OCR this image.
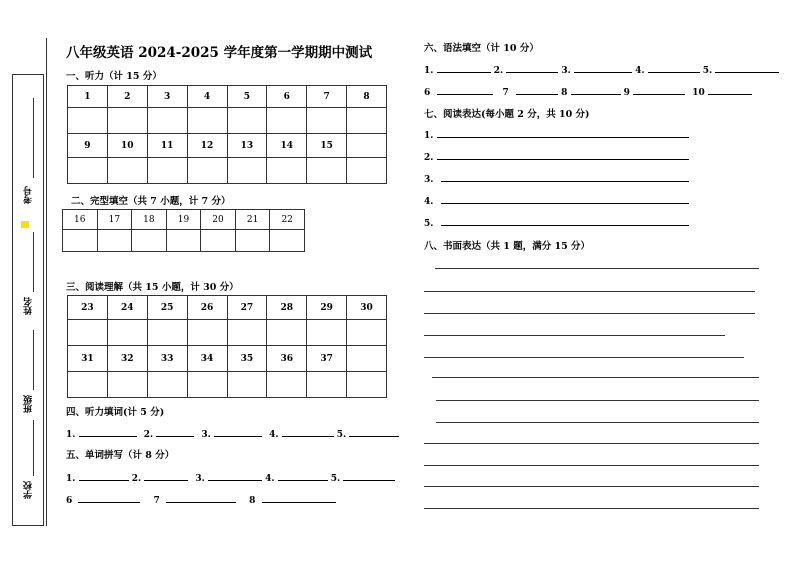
考号
姓名
班级
学校
八年级英语 2024-2025 学年度第一学期期中测试
一、听力（计 15 分）
1	2	3	4	5	6	7	8

9	10	11	12	13	14	15	

二、完型填空（共 7 小题，计 7 分）
16	17	18	19	20	21	22

三、阅读理解（共 15 小题，计 30 分）
23	24	25	26	27	28	29	30

31	32	33	34	35	36	37	

四、听力填词(计 5 分)
1.	2.	3.	4.	5.
五、单词拼写（计 8 分）
1.	2.	3.	4.	5.
6	7	8
六、语法填空（计 10 分）
1.	2.	3.	4.	5.
6	7	8	9	10
七、阅读表达(每小题 2 分，共 10 分)
1.
2.
3.
4.
5.
八、书面表达（共 1 题，满分 15 分）
